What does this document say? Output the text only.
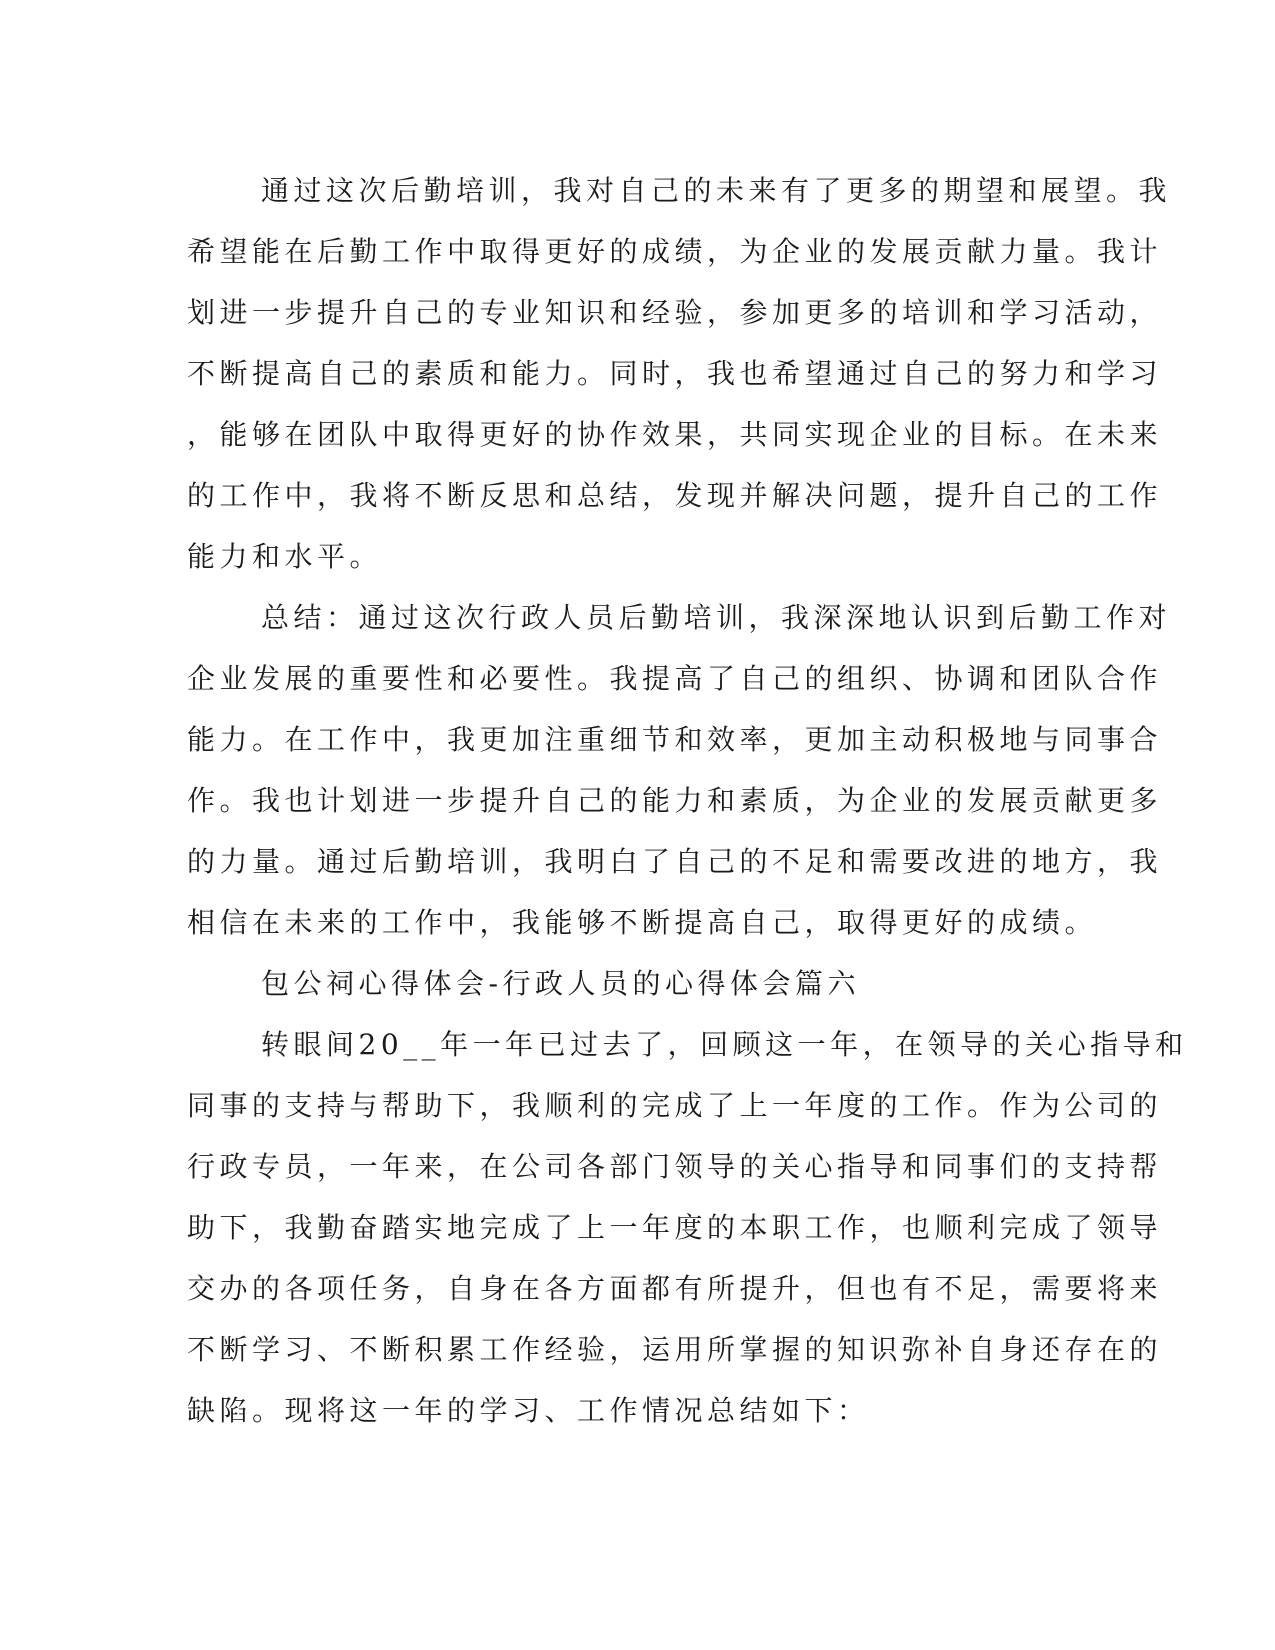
通过这次后勤培训，我对自己的未来有了更多的期望和展望。我
希望能在后勤工作中取得更好的成绩，为企业的发展贡献力量。我计
划进一步提升自己的专业知识和经验，参加更多的培训和学习活动，
不断提高自己的素质和能力。同时，我也希望通过自己的努力和学习
，能够在团队中取得更好的协作效果，共同实现企业的目标。在未来
的工作中，我将不断反思和总结，发现并解决问题，提升自己的工作
能力和水平。
总结：通过这次行政人员后勤培训，我深深地认识到后勤工作对
企业发展的重要性和必要性。我提高了自己的组织、协调和团队合作
能力。在工作中，我更加注重细节和效率，更加主动积极地与同事合
作。我也计划进一步提升自己的能力和素质，为企业的发展贡献更多
的力量。通过后勤培训，我明白了自己的不足和需要改进的地方，我
相信在未来的工作中，我能够不断提高自己，取得更好的成绩。
包公祠心得体会-行政人员的心得体会篇六
转眼间20__年一年已过去了，回顾这一年，在领导的关心指导和
同事的支持与帮助下，我顺利的完成了上一年度的工作。作为公司的
行政专员，一年来，在公司各部门领导的关心指导和同事们的支持帮
助下，我勤奋踏实地完成了上一年度的本职工作，也顺利完成了领导
交办的各项任务，自身在各方面都有所提升，但也有不足，需要将来
不断学习、不断积累工作经验，运用所掌握的知识弥补自身还存在的
缺陷。现将这一年的学习、工作情况总结如下：
